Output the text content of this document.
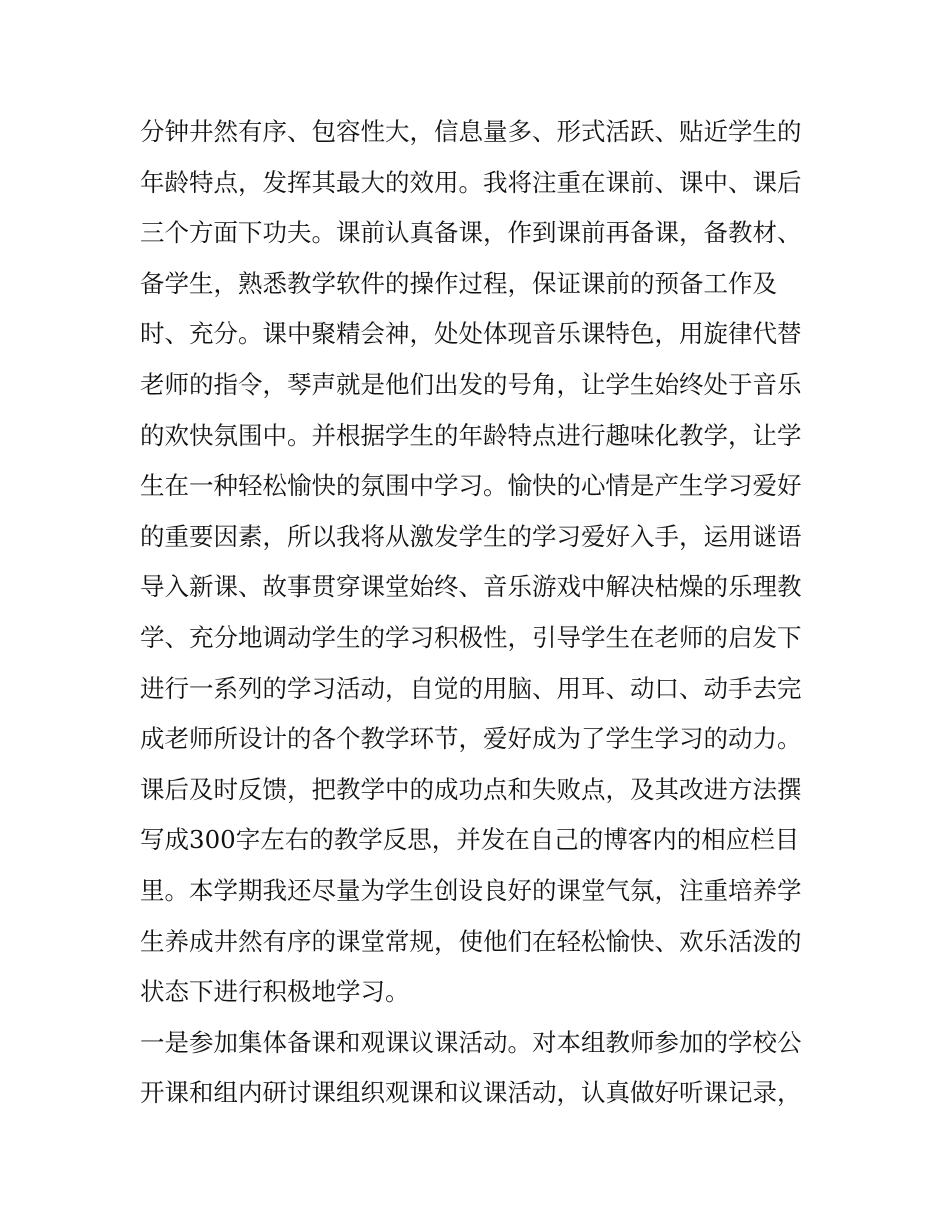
分钟井然有序、包容性大，信息量多、形式活跃、贴近学生的
年龄特点，发挥其最大的效用。我将注重在课前、课中、课后
三个方面下功夫。课前认真备课，作到课前再备课，备教材、
备学生，熟悉教学软件的操作过程，保证课前的预备工作及
时、充分。课中聚精会神，处处体现音乐课特色，用旋律代替
老师的指令，琴声就是他们出发的号角，让学生始终处于音乐
的欢快氛围中。并根据学生的年龄特点进行趣味化教学，让学
生在一种轻松愉快的氛围中学习。愉快的心情是产生学习爱好
的重要因素，所以我将从激发学生的学习爱好入手，运用谜语
导入新课、故事贯穿课堂始终、音乐游戏中解决枯燥的乐理教
学、充分地调动学生的学习积极性，引导学生在老师的启发下
进行一系列的学习活动，自觉的用脑、用耳、动口、动手去完
成老师所设计的各个教学环节，爱好成为了学生学习的动力。
课后及时反馈，把教学中的成功点和失败点，及其改进方法撰
写成300字左右的教学反思，并发在自己的博客内的相应栏目
里。本学期我还尽量为学生创设良好的课堂气氛，注重培养学
生养成井然有序的课堂常规，使他们在轻松愉快、欢乐活泼的
状态下进行积极地学习。
一是参加集体备课和观课议课活动。对本组教师参加的学校公
开课和组内研讨课组织观课和议课活动，认真做好听课记录，
